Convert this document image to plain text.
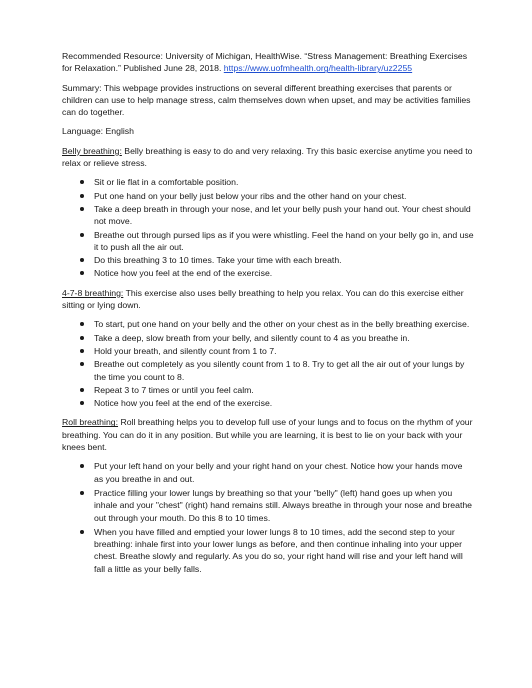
Recommended Resource: University of Michigan, HealthWise. “Stress Management: Breathing Exercises for Relaxation.” Published June 28, 2018. https://www.uofmhealth.org/health-library/uz2255

Summary: This webpage provides instructions on several different breathing exercises that parents or children can use to help manage stress, calm themselves down when upset, and may be activities families can do together.

Language: English

Belly breathing: Belly breathing is easy to do and very relaxing. Try this basic exercise anytime you need to relax or relieve stress.

Sit or lie flat in a comfortable position.
Put one hand on your belly just below your ribs and the other hand on your chest.
Take a deep breath in through your nose, and let your belly push your hand out. Your chest should not move.
Breathe out through pursed lips as if you were whistling. Feel the hand on your belly go in, and use it to push all the air out.
Do this breathing 3 to 10 times. Take your time with each breath.
Notice how you feel at the end of the exercise.

4-7-8 breathing: This exercise also uses belly breathing to help you relax. You can do this exercise either sitting or lying down.

To start, put one hand on your belly and the other on your chest as in the belly breathing exercise.
Take a deep, slow breath from your belly, and silently count to 4 as you breathe in.
Hold your breath, and silently count from 1 to 7.
Breathe out completely as you silently count from 1 to 8. Try to get all the air out of your lungs by the time you count to 8.
Repeat 3 to 7 times or until you feel calm.
Notice how you feel at the end of the exercise.

Roll breathing: Roll breathing helps you to develop full use of your lungs and to focus on the rhythm of your breathing. You can do it in any position. But while you are learning, it is best to lie on your back with your knees bent.

Put your left hand on your belly and your right hand on your chest. Notice how your hands move as you breathe in and out.
Practice filling your lower lungs by breathing so that your "belly" (left) hand goes up when you inhale and your "chest" (right) hand remains still. Always breathe in through your nose and breathe out through your mouth. Do this 8 to 10 times.
When you have filled and emptied your lower lungs 8 to 10 times, add the second step to your breathing: inhale first into your lower lungs as before, and then continue inhaling into your upper chest. Breathe slowly and regularly. As you do so, your right hand will rise and your left hand will fall a little as your belly falls.
